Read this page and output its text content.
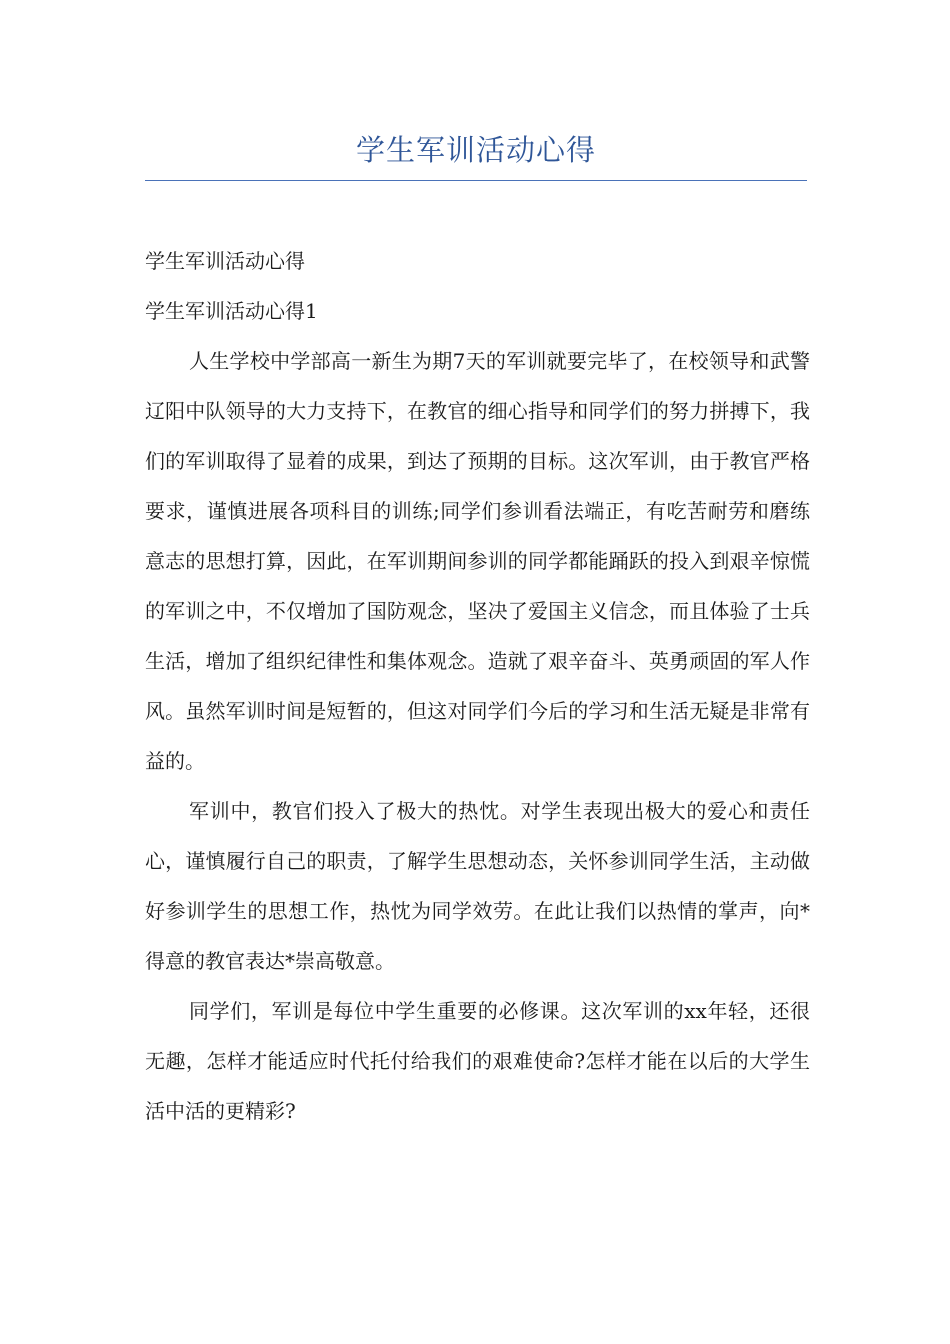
学生军训活动心得

学生军训活动心得

学生军训活动心得1

人生学校中学部高一新生为期7天的军训就要完毕了，在校领导和武警辽阳中队领导的大力支持下，在教官的细心指导和同学们的努力拼搏下，我们的军训取得了显着的成果，到达了预期的目标。这次军训，由于教官严格要求，谨慎进展各项科目的训练;同学们参训看法端正，有吃苦耐劳和磨练意志的思想打算，因此，在军训期间参训的同学都能踊跃的投入到艰辛惊慌的军训之中，不仅增加了国防观念，坚决了爱国主义信念，而且体验了士兵生活，增加了组织纪律性和集体观念。造就了艰辛奋斗、英勇顽固的军人作风。虽然军训时间是短暂的，但这对同学们今后的学习和生活无疑是非常有益的。

军训中，教官们投入了极大的热忱。对学生表现出极大的爱心和责任心，谨慎履行自己的职责，了解学生思想动态，关怀参训同学生活，主动做好参训学生的思想工作，热忱为同学效劳。在此让我们以热情的掌声，向*得意的教官表达*崇高敬意。

同学们，军训是每位中学生重要的必修课。这次军训的xx年轻，还很无趣，怎样才能适应时代托付给我们的艰难使命?怎样才能在以后的大学生活中活的更精彩?
